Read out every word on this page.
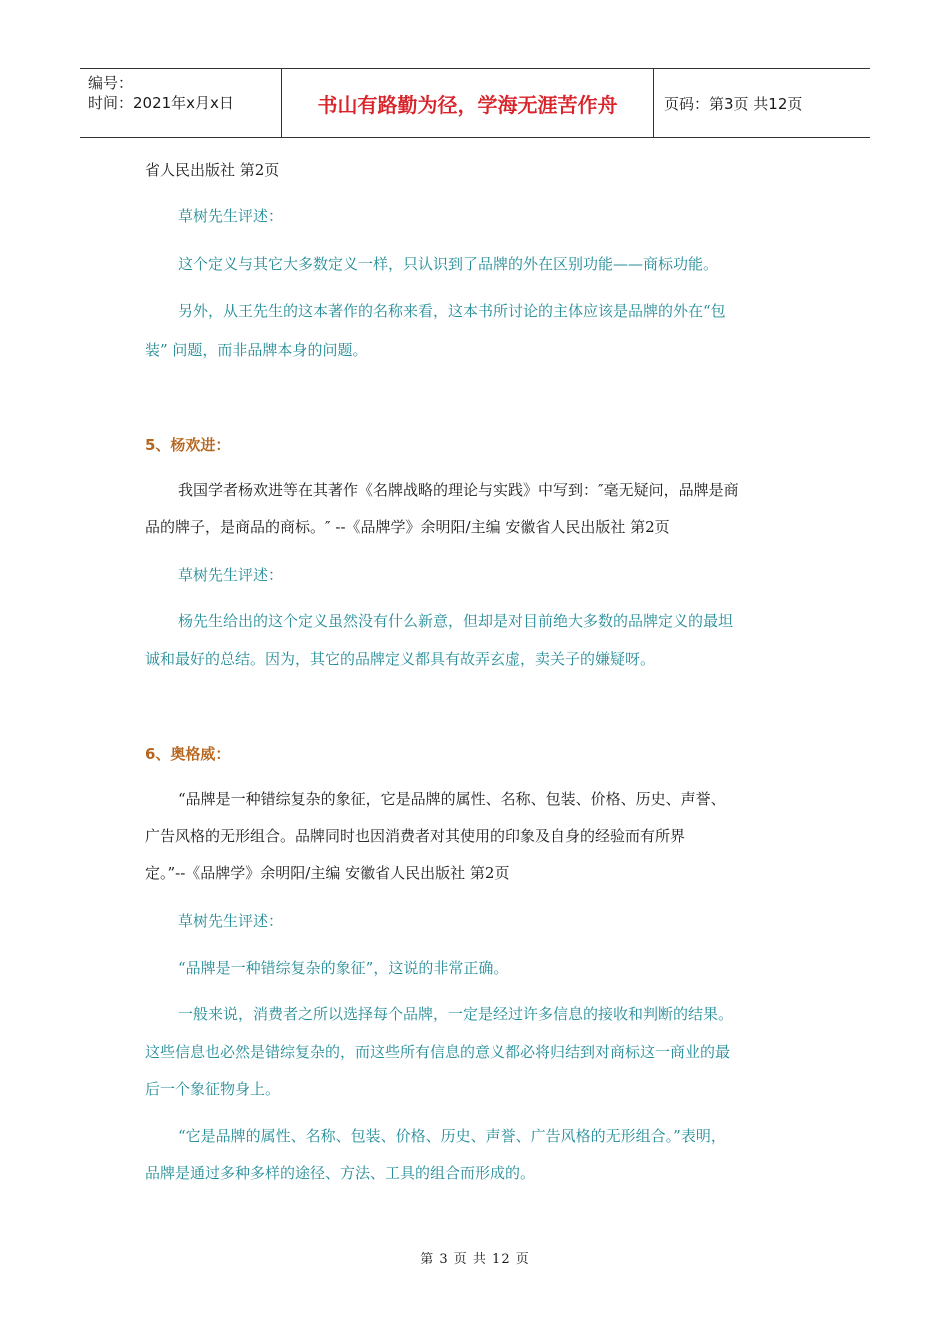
编号：
时间：2021年x月x日	书山有路勤为径，学海无涯苦作舟	页码：第3页 共12页

省人民出版社 第2页

草树先生评述：

这个定义与其它大多数定义一样，只认识到了品牌的外在区别功能——商标功能。

另外，从王先生的这本著作的名称来看，这本书所讨论的主体应该是品牌的外在“包

装” 问题，而非品牌本身的问题。

5、杨欢进：

我国学者杨欢进等在其著作《名牌战略的理论与实践》中写到：″毫无疑问，品牌是商

品的牌子，是商品的商标。″ --《品牌学》余明阳/主编 安徽省人民出版社 第2页

草树先生评述：

杨先生给出的这个定义虽然没有什么新意，但却是对目前绝大多数的品牌定义的最坦

诚和最好的总结。因为，其它的品牌定义都具有故弄玄虚，卖关子的嫌疑呀。

6、奥格威：

“品牌是一种错综复杂的象征，它是品牌的属性、名称、包装、价格、历史、声誉、

广告风格的无形组合。品牌同时也因消费者对其使用的印象及自身的经验而有所界

定。”--《品牌学》余明阳/主编 安徽省人民出版社 第2页

草树先生评述：

“品牌是一种错综复杂的象征”，这说的非常正确。

一般来说，消费者之所以选择每个品牌，一定是经过许多信息的接收和判断的结果。

这些信息也必然是错综复杂的，而这些所有信息的意义都必将归结到对商标这一商业的最

后一个象征物身上。

“它是品牌的属性、名称、包装、价格、历史、声誉、广告风格的无形组合。”表明，

品牌是通过多种多样的途径、方法、工具的组合而形成的。

第 3 页 共 12 页
